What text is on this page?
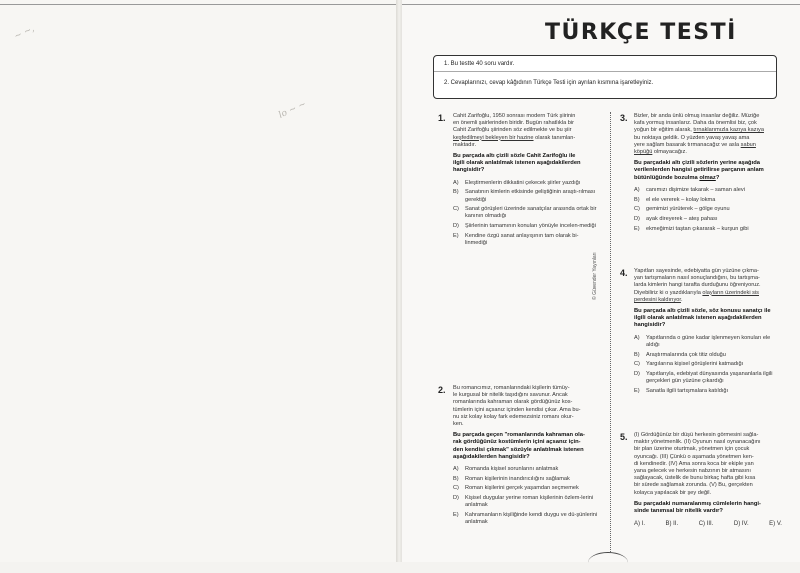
~ ~,
lo ~ ~
TÜRKÇE TESTİ
1. Bu testte 40 soru vardır.
2. Cevaplarınızı, cevap kâğıdının Türkçe Testi için ayrılan kısmına işaretleyiniz.
© Güvender Yayınları
1. Cahit Zarifoğlu, 1950 sonrası modern Türk şiirinin

en önemli şairlerinden biridir. Bugün rahatlıkla bir

Cahit Zarifoğlu şiirinden söz edilmekte ve bu şiir

keşfedilmeyi bekleyen bir hazine olarak tanımlan-

maktadır.

Bu parçada altı çizili sözle Cahit Zarifoğlu ile
ilgili olarak anlatılmak istenen aşağıdakilerden
hangisidir?
A)	Eleştirmenlerin dikkatini çekecek şiirler yazdığı
B)	Sanatının kimlerin etkisinde geliştiğinin araştı-rılması gerektiği
C)	Sanat görüşleri üzerinde sanatçılar arasında ortak bir kanının olmadığı
D)	Şiirlerinin tamamının konuları yönüyle incelen-mediği
E)	Kendine özgü sanat anlayışının tam olarak bi-linmediği
2. Bu romancımız, romanlarındaki kişilerin tümüy-

le kurgusal bir nitelik taşıdığını savunur. Ancak

romanlarında kahraman olarak gördüğünüz kos-

tümlerin içini açsanız içinden kendisi çıkar. Ama bu-

nu siz kolay kolay fark edemezsiniz romanı okur-

ken.

Bu parçada geçen "romanlarında kahraman ola-
rak gördüğünüz kostümlerin içini açsanız için-
den kendisi çıkmak" sözüyle anlatılmak istenen
aşağıdakilerden hangisidir?
A)	Romanda kişisel sorunlarını anlatmak
B)	Roman kişilerinin inandırıcılığını sağlamak
C)	Roman kişilerini gerçek yaşamdan seçmemek
D)	Kişisel duygular yerine roman kişilerinin özlem-lerini anlatmak
E)	Kahramanların kişiliğinde kendi duygu ve dü-şünlerini anlatmak
3. Bizler, bir anda ünlü olmuş insanlar değiliz. Müziğe

kafa yormuş insanlarız. Daha da önemlisi biz, çok

yoğun bir eğitim alarak, tırnaklarımızla kazıya kazıya

bu noktaya geldik. O yüzden yavaş yavaş ama

yere sağlam basarak tırmanacağız ve asla sabun

köpüğü olmayacağız.

Bu parçadaki altı çizili sözlerin yerine aşağıda
verilenlerden hangisi getirilirse parçanın anlam
bütünlüğünde bozulma olmaz?
A)	canımızı dişimize takarak – saman alevi
B)	el ele vererek – kolay lokma
C)	gemimizi yürüterek – gölge oyunu
D)	ayak direyerek – ateş pahası
E)	ekmeğimizi taştan çıkararak – kurşun gibi
4. Yapıtları sayesinde, edebiyatta gün yüzüne çıkma-

yan tartışmaların nasıl sonuçlandığını, bu tartışma-

larda kimlerin hangi tarafta durduğunu öğreniyoruz.

Diyebiliriz ki o yazdıklarıyla olayların üzerindeki sis

perdesini kaldırıyor.

Bu parçada altı çizili sözle, söz konusu sanatçı ile
ilgili olarak anlatılmak istenen aşağıdakilerden
hangisidir?
A)	Yapıtlarında o güne kadar işlenmeyen konuları ele aldığı
B)	Araştırmalarında çok titiz olduğu
C)	Yargılarına kişisel görüşlerini katmadığı
D)	Yapıtlarıyla, edebiyat dünyasında yaşananlarla ilgili gerçekleri gün yüzüne çıkardığı
E)	Sanatla ilgili tartışmalara katıldığı
5. (I) Gördüğünüz bir düşü herkesin görmesini sağla-

maktır yönetmenlik. (II) Oyunun nasıl oynanacağını

bir plan üzerine oturtmak, yönetmen için çocuk

oyuncağı. (III) Çünkü o aşamada yönetmen ken-

di kendinedir. (IV) Ama sonra koca bir ekiple yan

yana gelecek ve herkesin nabzının bir atmasını

sağlayacak, üstelik de bunu birkaç hafta gibi kısa

bir sürede sağlamak zorunda. (V) Bu, gerçekten

kolayca yapılacak bir şey değil.

Bu parçadaki numaralanmış cümlelerin hangi-
sinde tanımsal bir nitelik vardır?
A) I.	B) II.	C) III.	D) IV.	E) V.
